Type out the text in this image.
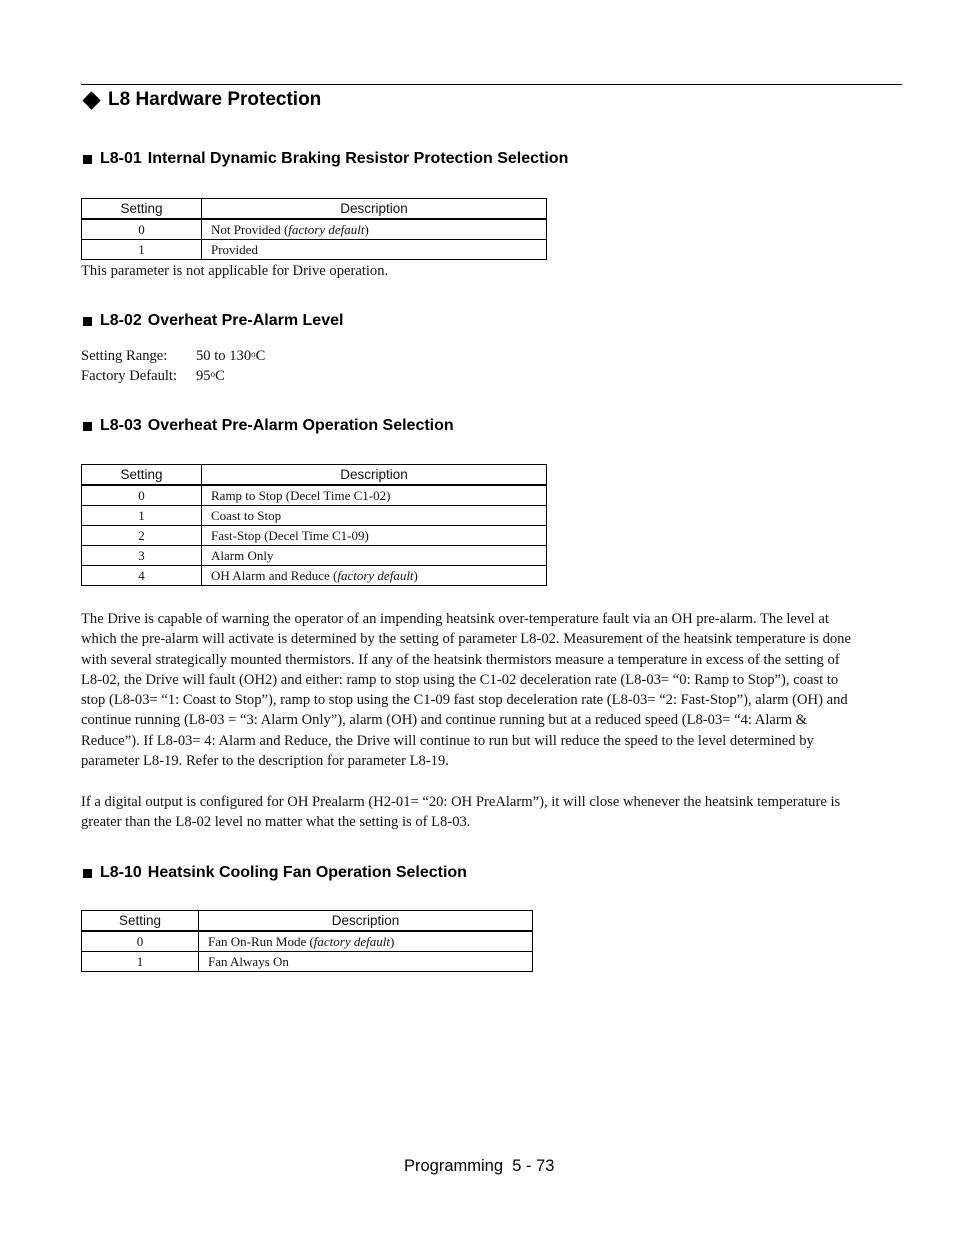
L8 Hardware Protection
L8-01 Internal Dynamic Braking Resistor Protection Selection
Setting	Description
0	Not Provided (factory default)
1	Provided
This parameter is not applicable for Drive operation.
L8-02 Overheat Pre-Alarm Level
Setting Range:	50 to 130$^o$C
Factory Default:	95$^o$C
L8-03 Overheat Pre-Alarm Operation Selection
Setting	Description
0	Ramp to Stop (Decel Time C1-02)
1	Coast to Stop
2	Fast-Stop (Decel Time C1-09)
3	Alarm Only
4	OH Alarm and Reduce (factory default)
The Drive is capable of warning the operator of an impending heatsink over-temperature fault via an OH pre-alarm. The level at
which the pre-alarm will activate is determined by the setting of parameter L8-02. Measurement of the heatsink temperature is done
with several strategically mounted thermistors. If any of the heatsink thermistors measure a temperature in excess of the setting of
L8-02, the Drive will fault (OH2) and either: ramp to stop using the C1-02 deceleration rate (L8-03= “0: Ramp to Stop”), coast to
stop (L8-03= “1: Coast to Stop”), ramp to stop using the C1-09 fast stop deceleration rate (L8-03= “2: Fast-Stop”), alarm (OH) and
continue running (L8-03 = “3: Alarm Only”), alarm (OH) and continue running but at a reduced speed (L8-03= “4: Alarm &
Reduce”). If L8-03= 4: Alarm and Reduce, the Drive will continue to run but will reduce the speed to the level determined by
parameter L8-19. Refer to the description for parameter L8-19.
If a digital output is configured for OH Prealarm (H2-01= “20: OH PreAlarm”), it will close whenever the heatsink temperature is
greater than the L8-02 level no matter what the setting is of L8-03.
L8-10 Heatsink Cooling Fan Operation Selection
Setting	Description
0	Fan On-Run Mode (factory default)
1	Fan Always On
Programming  5 - 73
